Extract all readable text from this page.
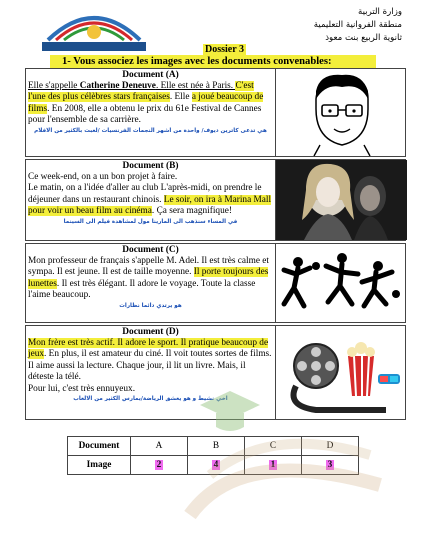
وزارة التربية
منطقة الفروانية التعليمية
ثانوية الربيع بنت معوذ
Dossier 3
1- Vous associez les images avec les documents convenables:
Document (A)
Elle s'appelle Catherine Deneuve. Elle est née à Paris. C'est l'une des plus célèbres stars françaises. Elle a joué beaucoup de films. En 2008, elle a obtenu le prix du 61e Festival de Cannes pour l'ensemble de sa carrière.
هي تدعى كاترين ديوف/ واحدة من اشهر النجمات الفرنسيات /لعبت بالكثير من الافلام
Document (B)
Ce week-end, on a un bon projet à faire.
Le matin, on a l'idée d'aller au club L'après-midi, on prendre le déjeuner dans un restaurant chinois. Le soir, on ira à Marina Mall pour voir un beau film au cinéma. Ça sera magnifique!
في المساء سنذهب الى المارينا مول لمشاهدة فيلم الى السينما
Document (C)
Mon professeur de français s'appelle M. Adel. Il est très calme et sympa. Il est jeune. Il est de taille moyenne. Il porte toujours des lunettes. Il est très élégant. Il adore le voyage. Toute la classe l'aime beaucoup.
هو يرتدي دائما نظارات
Document (D)
Mon frère est très actif. Il adore le sport. Il pratique beaucoup de jeux. En plus, il est amateur du ciné. Il voit toutes sortes de films. Il aime aussi la lecture. Chaque jour, il lit un livre. Mais, il déteste la télé.
Pour lui, c'est très ennuyeux.
اخي نشيط و هو يعشق الرياضة/يمارس الكثير من الالعاب
Document	A	B	C	D
Image	2	4	1	3
